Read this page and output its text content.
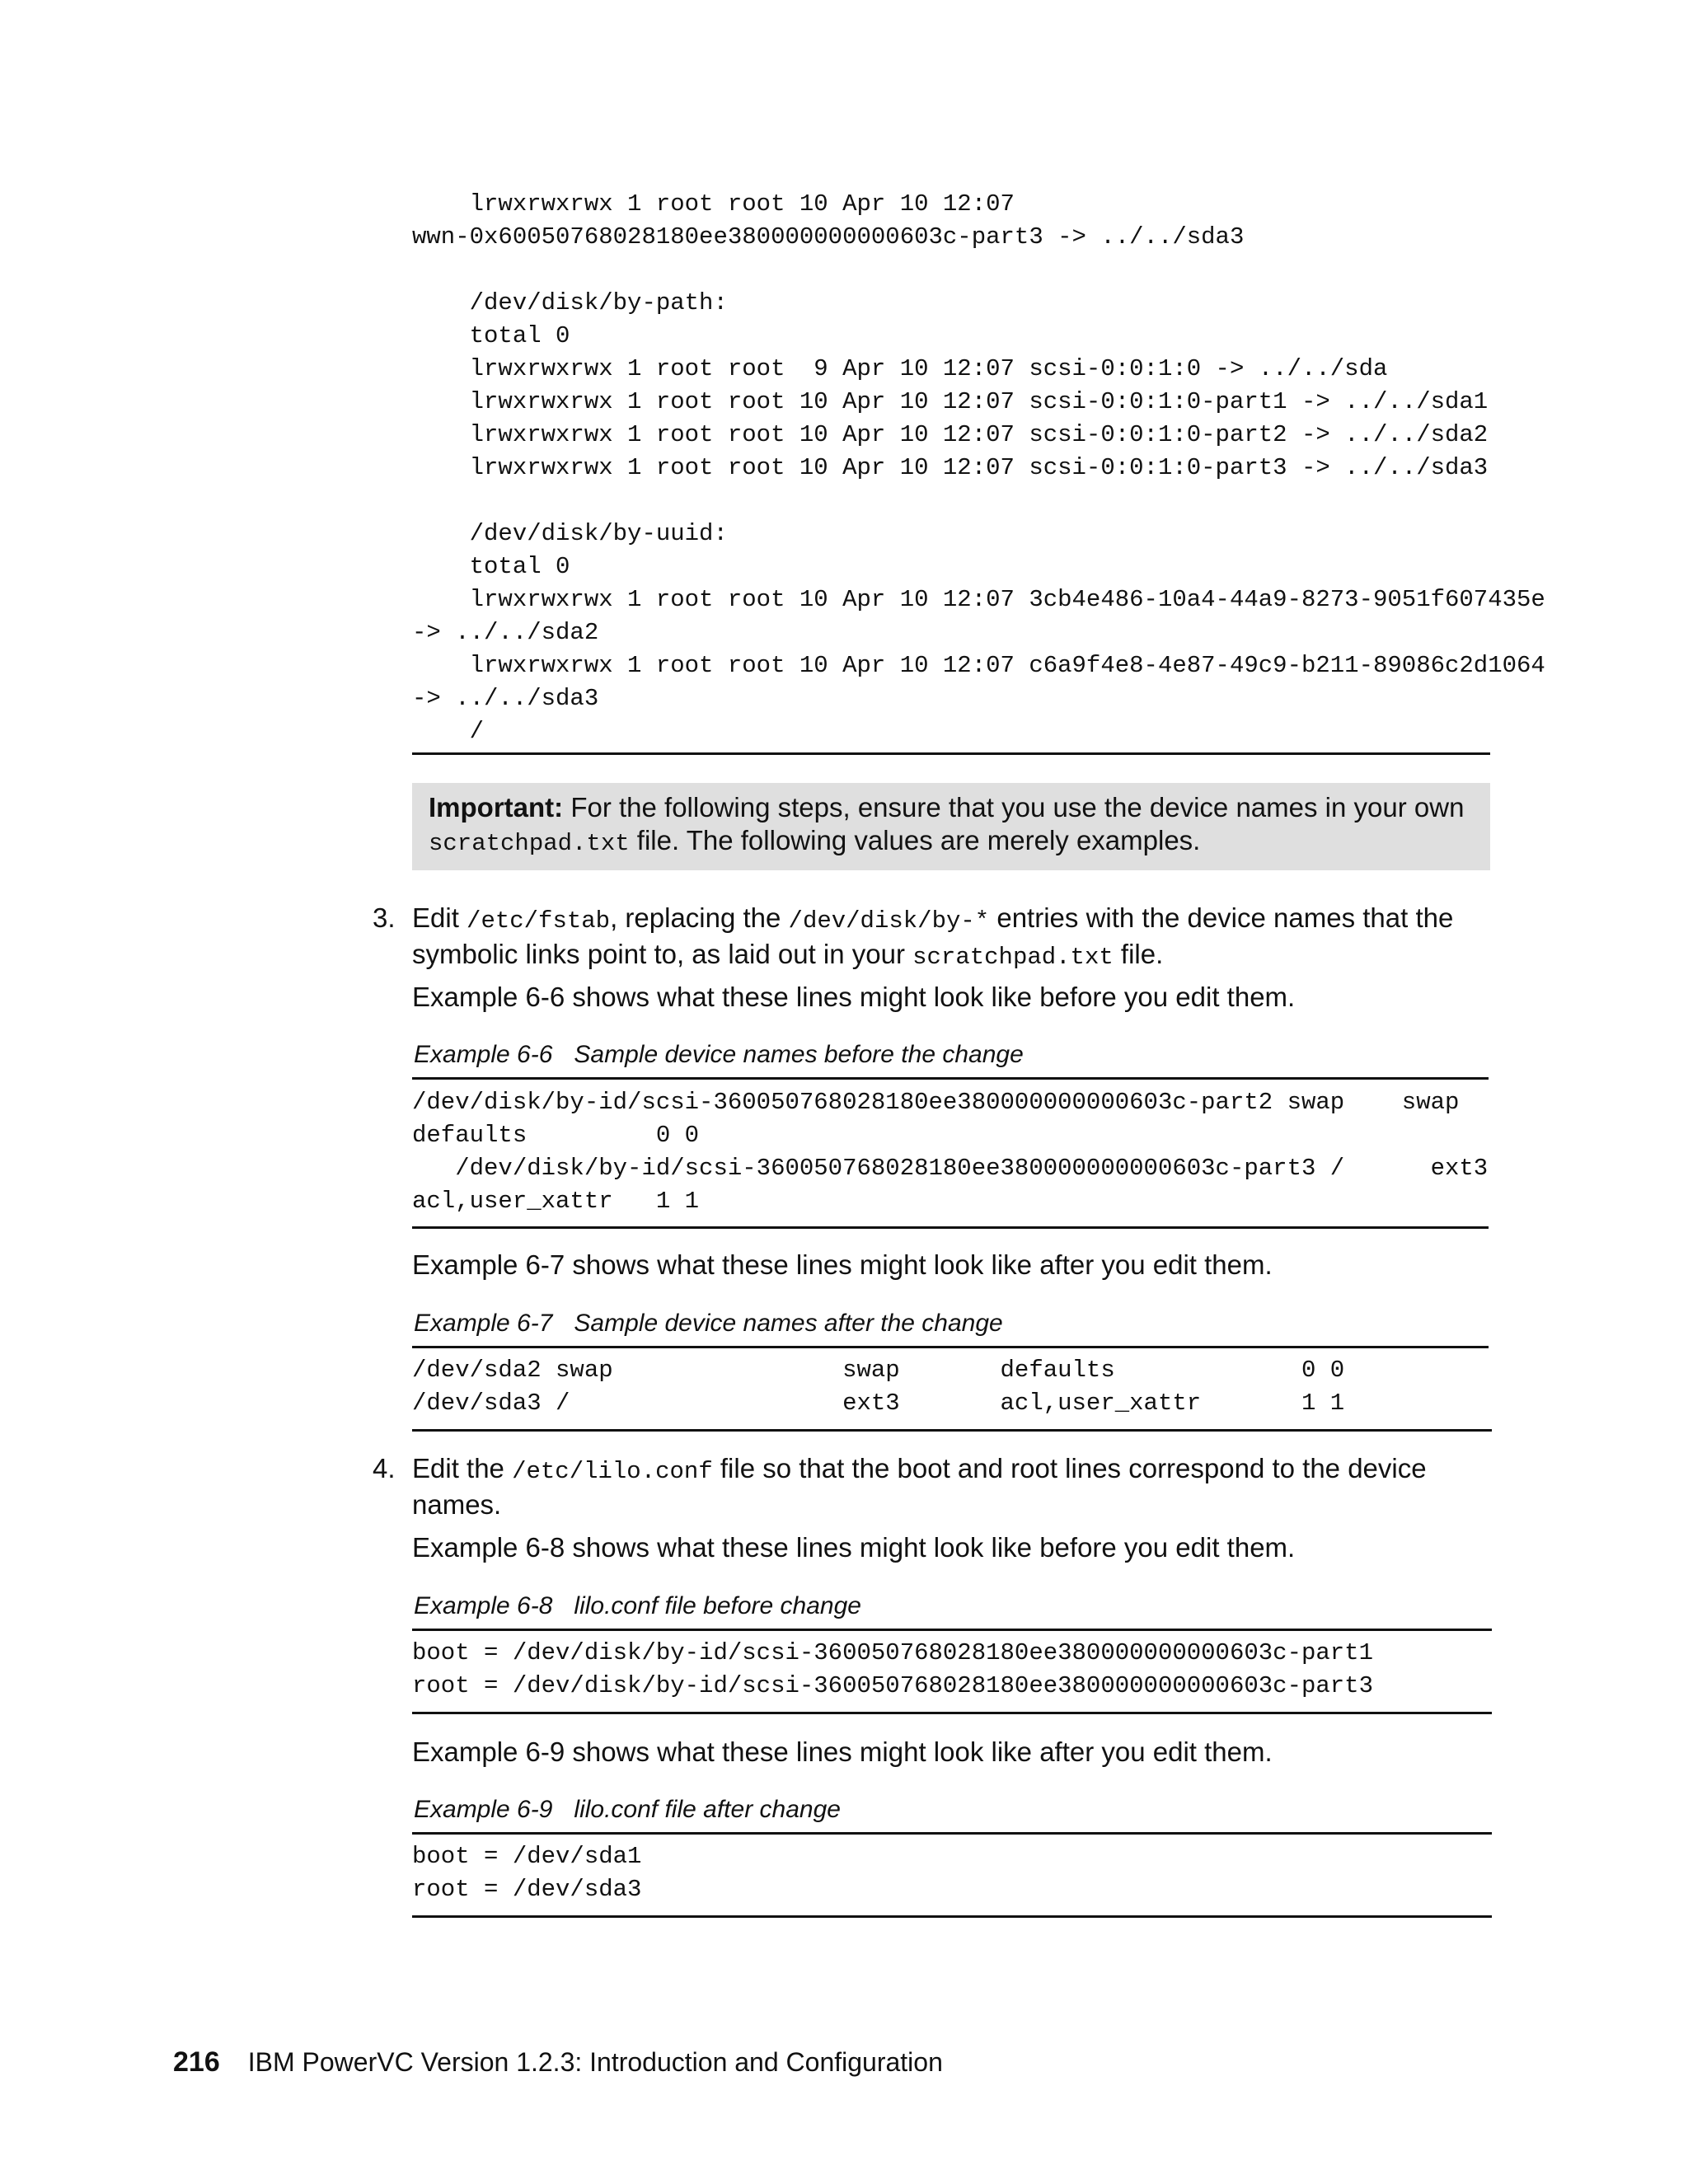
lrwxrwxrwx 1 root root 10 Apr 10 12:07
wwn-0x60050768028180ee380000000000603c-part3 -> ../../sda3

/dev/disk/by-path:
total 0
lrwxrwxrwx 1 root root  9 Apr 10 12:07 scsi-0:0:1:0 -> ../../sda
lrwxrwxrwx 1 root root 10 Apr 10 12:07 scsi-0:0:1:0-part1 -> ../../sda1
lrwxrwxrwx 1 root root 10 Apr 10 12:07 scsi-0:0:1:0-part2 -> ../../sda2
lrwxrwxrwx 1 root root 10 Apr 10 12:07 scsi-0:0:1:0-part3 -> ../../sda3

/dev/disk/by-uuid:
total 0
lrwxrwxrwx 1 root root 10 Apr 10 12:07 3cb4e486-10a4-44a9-8273-9051f607435e
-> ../../sda2
lrwxrwxrwx 1 root root 10 Apr 10 12:07 c6a9f4e8-4e87-49c9-b211-89086c2d1064
-> ../../sda3
/
Important: For the following steps, ensure that you use the device names in your own
scratchpad.txt file. The following values are merely examples.
3. Edit /etc/fstab, replacing the /dev/disk/by-* entries with the device names that the
symbolic links point to, as laid out in your scratchpad.txt file.
Example 6-6 shows what these lines might look like before you edit them.
Example 6-6 Sample device names before the change
/dev/disk/by-id/scsi-360050768028180ee380000000000603c-part2 swap    swap
defaults         0 0
/dev/disk/by-id/scsi-360050768028180ee380000000000603c-part3 /      ext3
acl,user_xattr   1 1
Example 6-7 shows what these lines might look like after you edit them.
Example 6-7 Sample device names after the change
/dev/sda2 swap                swap       defaults             0 0
/dev/sda3 /                   ext3       acl,user_xattr       1 1
4. Edit the /etc/lilo.conf file so that the boot and root lines correspond to the device
names.
Example 6-8 shows what these lines might look like before you edit them.
Example 6-8 lilo.conf file before change
boot = /dev/disk/by-id/scsi-360050768028180ee380000000000603c-part1
root = /dev/disk/by-id/scsi-360050768028180ee380000000000603c-part3
Example 6-9 shows what these lines might look like after you edit them.
Example 6-9 lilo.conf file after change
boot = /dev/sda1
root = /dev/sda3
216 IBM PowerVC Version 1.2.3: Introduction and Configuration
